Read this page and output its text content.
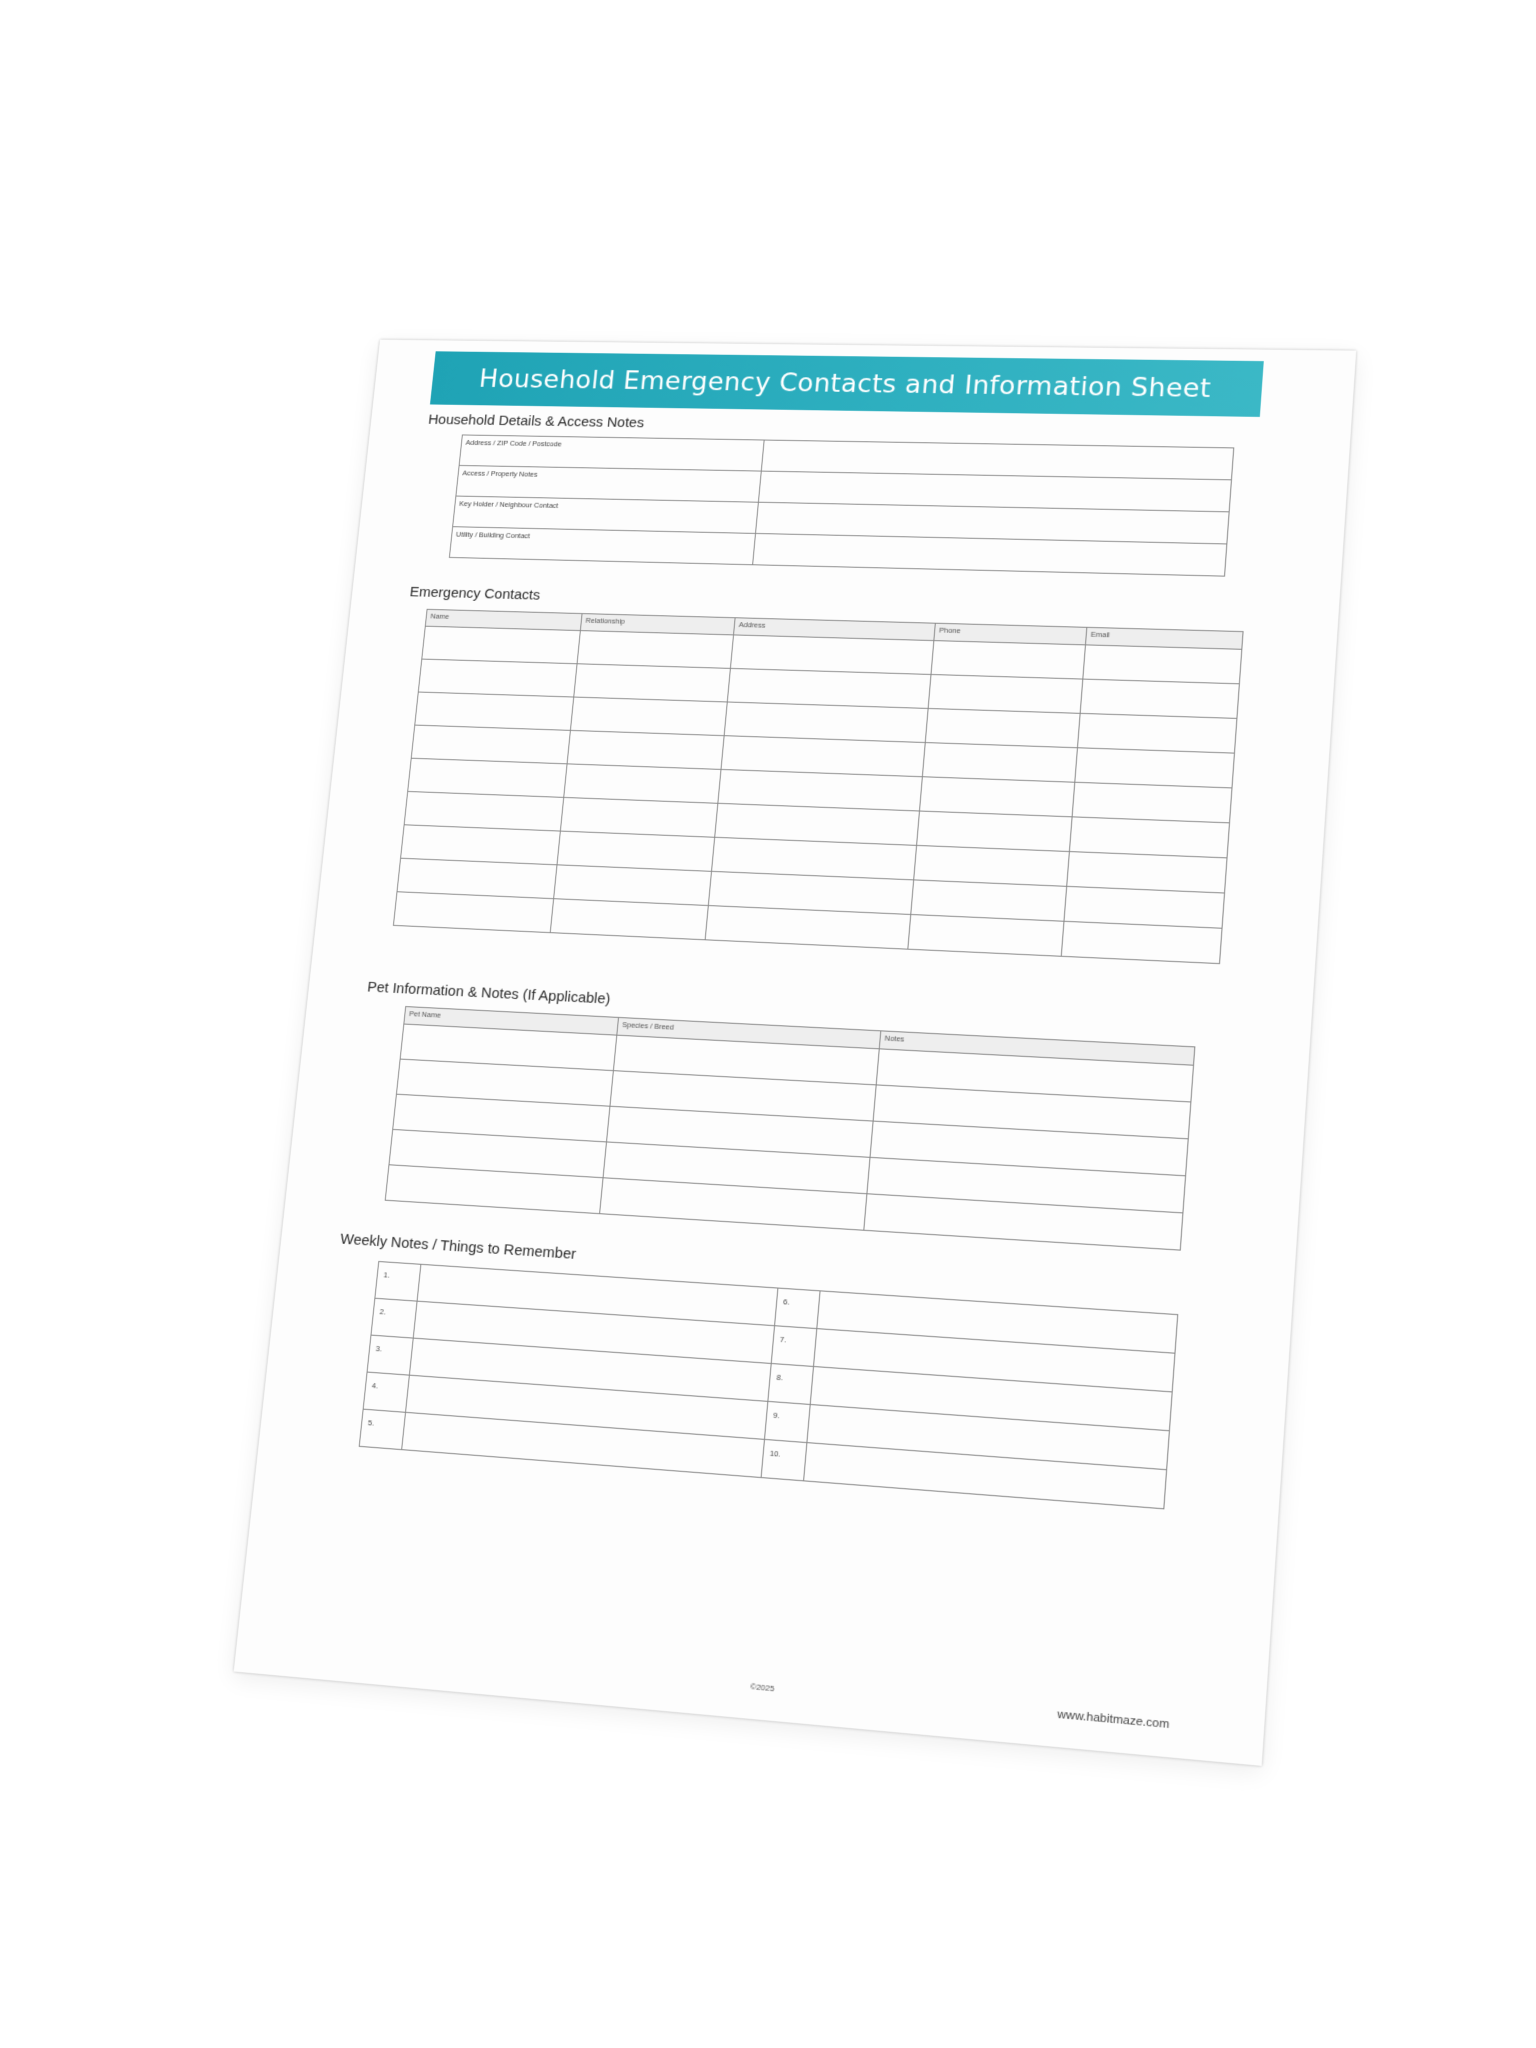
Household Emergency Contacts and Information Sheet
Household Details & Access Notes
Address / ZIP Code / Postcode	

Access / Property Notes	

Key Holder / Neighbour Contact	

Utility / Building Contact	

Emergency Contacts
Name	Relationship	Address	Phone	Email

Pet Information & Notes (If Applicable)
Pet Name	Species / Breed	Notes

Weekly Notes / Things to Remember
1.		6.	

2.		7.	

3.		8.	

4.		9.	

5.		10.	

©2025
www.habitmaze.com
